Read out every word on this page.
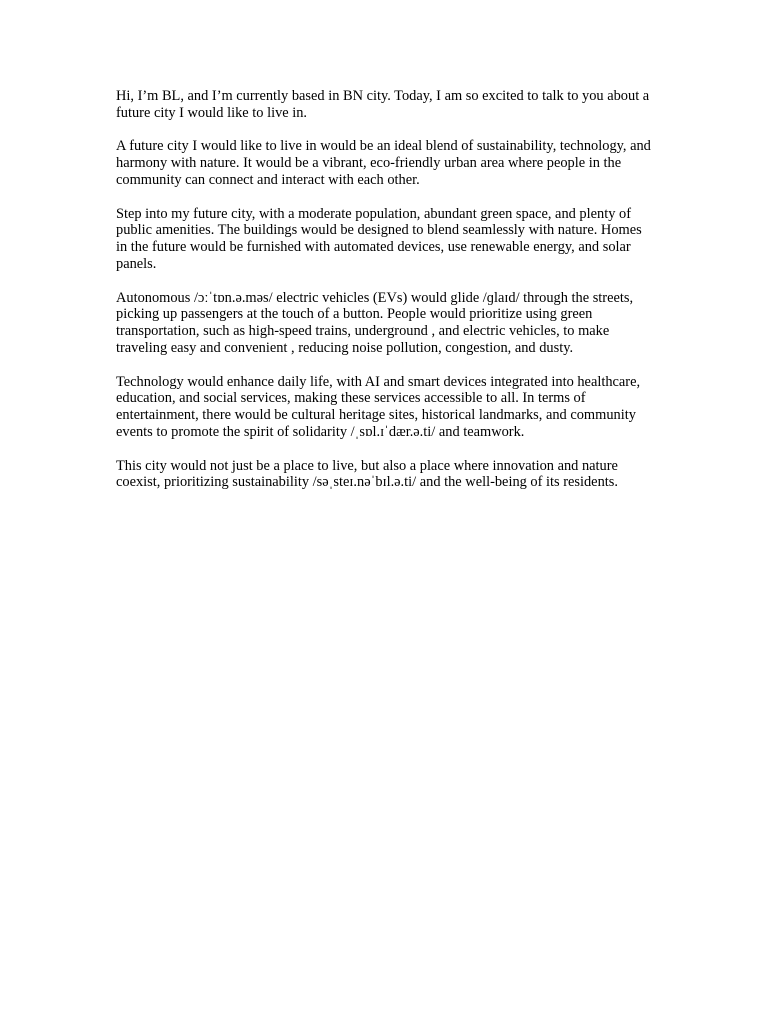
Hi, I’m BL, and I’m currently based in BN city. Today, I am so excited to talk to you about a future city I would like to live in.

A future city I would like to live in would be an ideal blend of sustainability, technology, and harmony with nature. It would be a vibrant, eco-friendly urban area where people in the community can connect and interact with each other.

Step into my future city, with a moderate population, abundant green space, and plenty of public amenities. The buildings would be designed to blend seamlessly with nature. Homes in the future would be furnished with automated devices, use renewable energy, and solar panels.

Autonomous /ɔːˈtɒn.ə.məs/ electric vehicles (EVs) would glide /ɡlaɪd/ through the streets, picking up passengers at the touch of a button. People would prioritize using green transportation, such as high-speed trains, underground , and electric vehicles, to make traveling easy and convenient , reducing noise pollution, congestion, and dusty.

Technology would enhance daily life, with AI and smart devices integrated into healthcare, education, and social services, making these services accessible to all. In terms of entertainment, there would be cultural heritage sites, historical landmarks, and community events to promote the spirit of solidarity /ˌsɒl.ɪˈdær.ə.ti/ and teamwork.

This city would not just be a place to live, but also a place where innovation and nature coexist, prioritizing sustainability /səˌsteɪ.nəˈbɪl.ə.ti/ and the well-being of its residents.
